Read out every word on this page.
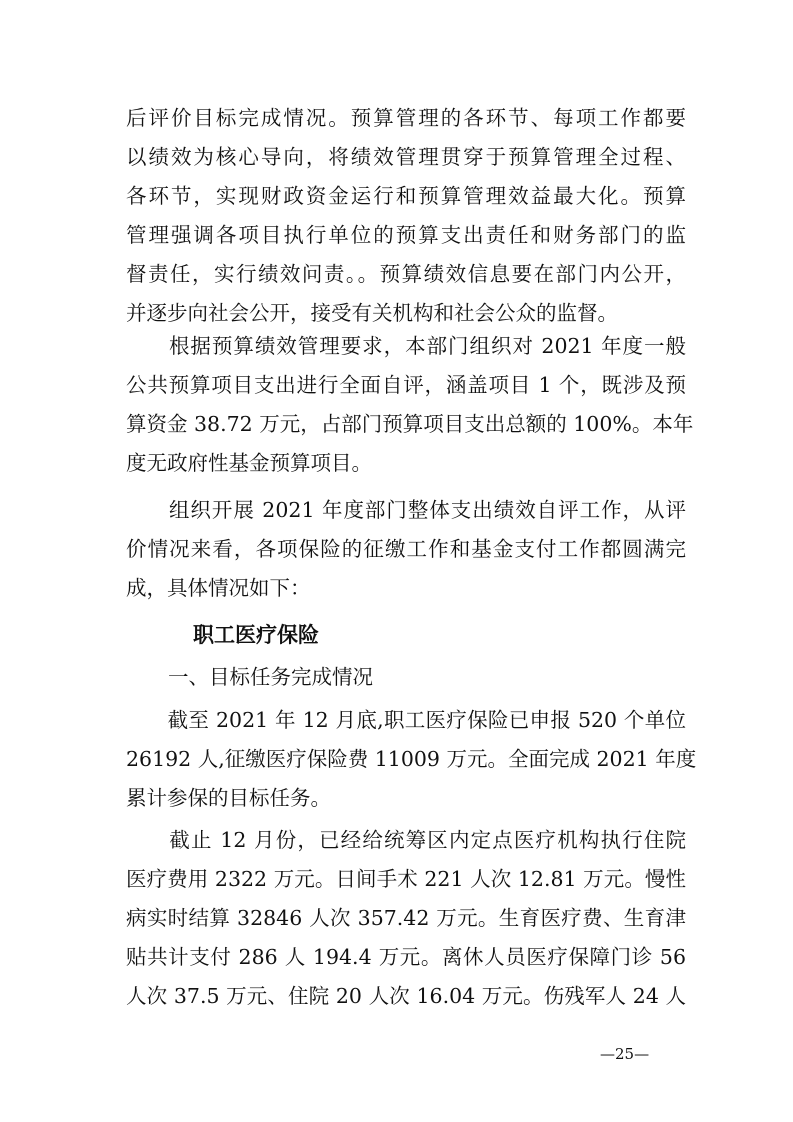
后评价目标完成情况。预算管理的各环节、每项工作都要
以绩效为核心导向，将绩效管理贯穿于预算管理全过程、
各环节，实现财政资金运行和预算管理效益最大化。预算
管理强调各项目执行单位的预算支出责任和财务部门的监
督责任，实行绩效问责。。预算绩效信息要在部门内公开，
并逐步向社会公开，接受有关机构和社会公众的监督。
　　根据预算绩效管理要求，本部门组织对 2021 年度一般
公共预算项目支出进行全面自评，涵盖项目 1 个，既涉及预
算资金 38.72 万元，占部门预算项目支出总额的 100%。本年
度无政府性基金预算项目。
　　组织开展 2021 年度部门整体支出绩效自评工作，从评
价情况来看，各项保险的征缴工作和基金支付工作都圆满完
成，具体情况如下：
职工医疗保险
一、目标任务完成情况
　　截至 2021 年 12 月底,职工医疗保险已申报 520 个单位
26192 人,征缴医疗保险费 11009 万元。全面完成 2021 年度
累计参保的目标任务。
　　截止 12 月份，已经给统筹区内定点医疗机构执行住院
医疗费用 2322 万元。日间手术 221 人次 12.81 万元。慢性
病实时结算 32846 人次 357.42 万元。生育医疗费、生育津
贴共计支付 286 人 194.4 万元。离休人员医疗保障门诊 56
人次 37.5 万元、住院 20 人次 16.04 万元。伤残军人 24 人
—25—
